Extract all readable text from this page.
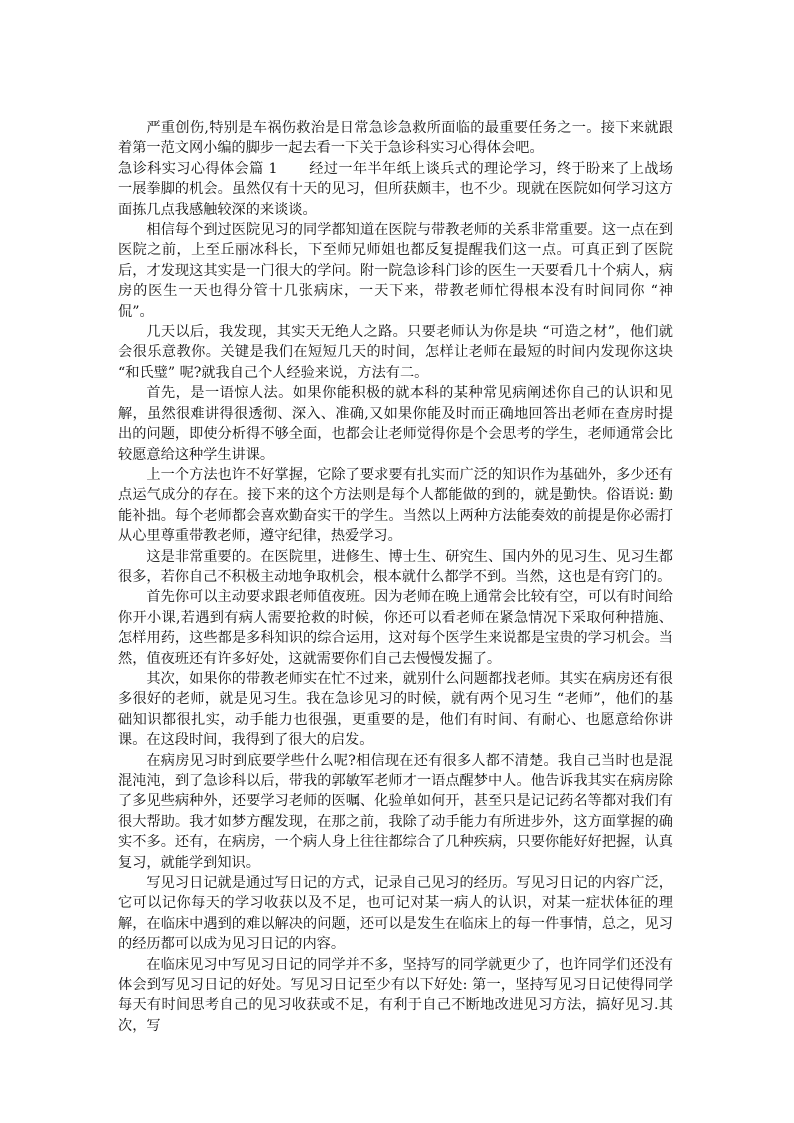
严重创伤,特别是车祸伤救治是日常急诊急救所面临的最重要任务之一。接下来就跟着第一范文网小编的脚步一起去看一下关于急诊科实习心得体会吧。

急诊科实习心得体会篇 1 经过一年半年纸上谈兵式的理论学习，终于盼来了上战场一展拳脚的机会。虽然仅有十天的见习，但所获颇丰，也不少。现就在医院如何学习这方面拣几点我感触较深的来谈谈。

相信每个到过医院见习的同学都知道在医院与带教老师的关系非常重要。这一点在到医院之前，上至丘丽冰科长，下至师兄师姐也都反复提醒我们这一点。可真正到了医院后，才发现这其实是一门很大的学问。附一院急诊科门诊的医生一天要看几十个病人，病房的医生一天也得分管十几张病床，一天下来，带教老师忙得根本没有时间同你 “神侃”。

几天以后，我发现，其实天无绝人之路。只要老师认为你是块 “可造之材”，他们就会很乐意教你。关键是我们在短短几天的时间，怎样让老师在最短的时间内发现你这块 “和氏璧” 呢?就我自己个人经验来说，方法有二。

首先，是一语惊人法。如果你能积极的就本科的某种常见病阐述你自己的认识和见解，虽然很难讲得很透彻、深入、准确,又如果你能及时而正确地回答出老师在查房时提出的问题，即使分析得不够全面，也都会让老师觉得你是个会思考的学生，老师通常会比较愿意给这种学生讲课。

上一个方法也许不好掌握，它除了要求要有扎实而广泛的知识作为基础外，多少还有点运气成分的存在。接下来的这个方法则是每个人都能做的到的，就是勤快。俗语说: 勤能补拙。每个老师都会喜欢勤奋实干的学生。当然以上两种方法能奏效的前提是你必需打从心里尊重带教老师，遵守纪律，热爱学习。

这是非常重要的。在医院里，进修生、博士生、研究生、国内外的见习生、见习生都很多，若你自己不积极主动地争取机会，根本就什么都学不到。当然，这也是有窍门的。

首先你可以主动要求跟老师值夜班。因为老师在晚上通常会比较有空，可以有时间给你开小课,若遇到有病人需要抢救的时候，你还可以看老师在紧急情况下采取何种措施、怎样用药，这些都是多科知识的综合运用，这对每个医学生来说都是宝贵的学习机会。当然，值夜班还有许多好处，这就需要你们自己去慢慢发掘了。

其次，如果你的带教老师实在忙不过来，就别什么问题都找老师。其实在病房还有很多很好的老师，就是见习生。我在急诊见习的时候，就有两个见习生 “老师”，他们的基础知识都很扎实，动手能力也很强，更重要的是，他们有时间、有耐心、也愿意给你讲课。在这段时间，我得到了很大的启发。

在病房见习时到底要学些什么呢?相信现在还有很多人都不清楚。我自己当时也是混混沌沌，到了急诊科以后，带我的郭敏军老师才一语点醒梦中人。他告诉我其实在病房除了多见些病种外，还要学习老师的医嘱、化验单如何开，甚至只是记记药名等都对我们有很大帮助。我才如梦方醒发现，在那之前，我除了动手能力有所进步外，这方面掌握的确实不多。还有，在病房，一个病人身上往往都综合了几种疾病，只要你能好好把握，认真复习，就能学到知识。

写见习日记就是通过写日记的方式，记录自己见习的经历。写见习日记的内容广泛，它可以记你每天的学习收获以及不足，也可记对某一病人的认识，对某一症状体征的理解，在临床中遇到的难以解决的问题，还可以是发生在临床上的每一件事情，总之，见习的经历都可以成为见习日记的内容。

在临床见习中写见习日记的同学并不多，坚持写的同学就更少了，也许同学们还没有体会到写见习日记的好处。写见习日记至少有以下好处: 第一，坚持写见习日记使得同学每天有时间思考自己的见习收获或不足，有利于自己不断地改进见习方法，搞好见习.其次，写
